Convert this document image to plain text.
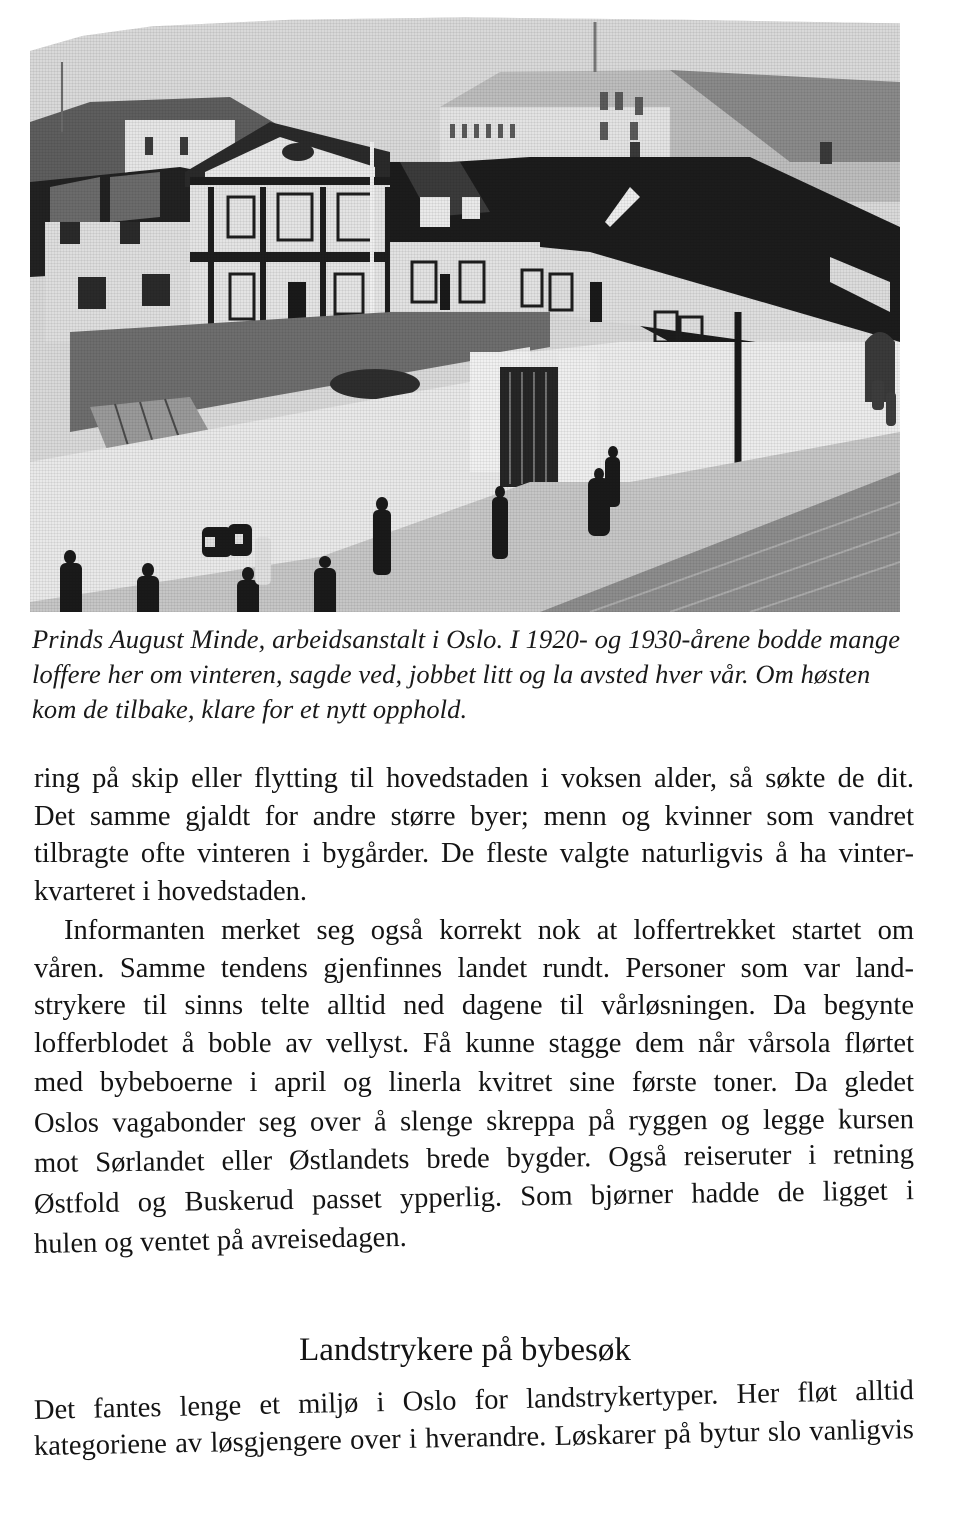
Prinds August Minde, arbeidsanstalt i Oslo. I 1920- og 1930-årene bodde mange
loffere her om vinteren, sagde ved, jobbet litt og la avsted hver vår. Om høsten
kom de tilbake, klare for et nytt opphold.
ring på skip eller flytting til hovedstaden i voksen alder, så søkte de dit.
Det samme gjaldt for andre større byer; menn og kvinner som vandret
tilbragte ofte vinteren i bygårder. De fleste valgte naturligvis å ha vinter-
kvarteret i hovedstaden.
Informanten merket seg også korrekt nok at loffertrekket startet om
våren. Samme tendens gjenfinnes landet rundt. Personer som var land-
strykere til sinns telte alltid ned dagene til vårløsningen. Da begynte
lofferblodet å boble av vellyst. Få kunne stagge dem når vårsola flørtet
med bybeboerne i april og linerla kvitret sine første toner. Da gledet
Oslos vagabonder seg over å slenge skreppa på ryggen og legge kursen
mot Sørlandet eller Østlandets brede bygder. Også reiseruter i retning
Østfold og Buskerud passet ypperlig. Som bjørner hadde de ligget i
hulen og ventet på avreisedagen.
Landstrykere på bybesøk
Det fantes lenge et miljø i Oslo for landstrykertyper. Her fløt alltid
kategoriene av løsgjengere over i hverandre. Løskarer på bytur slo vanligvis
